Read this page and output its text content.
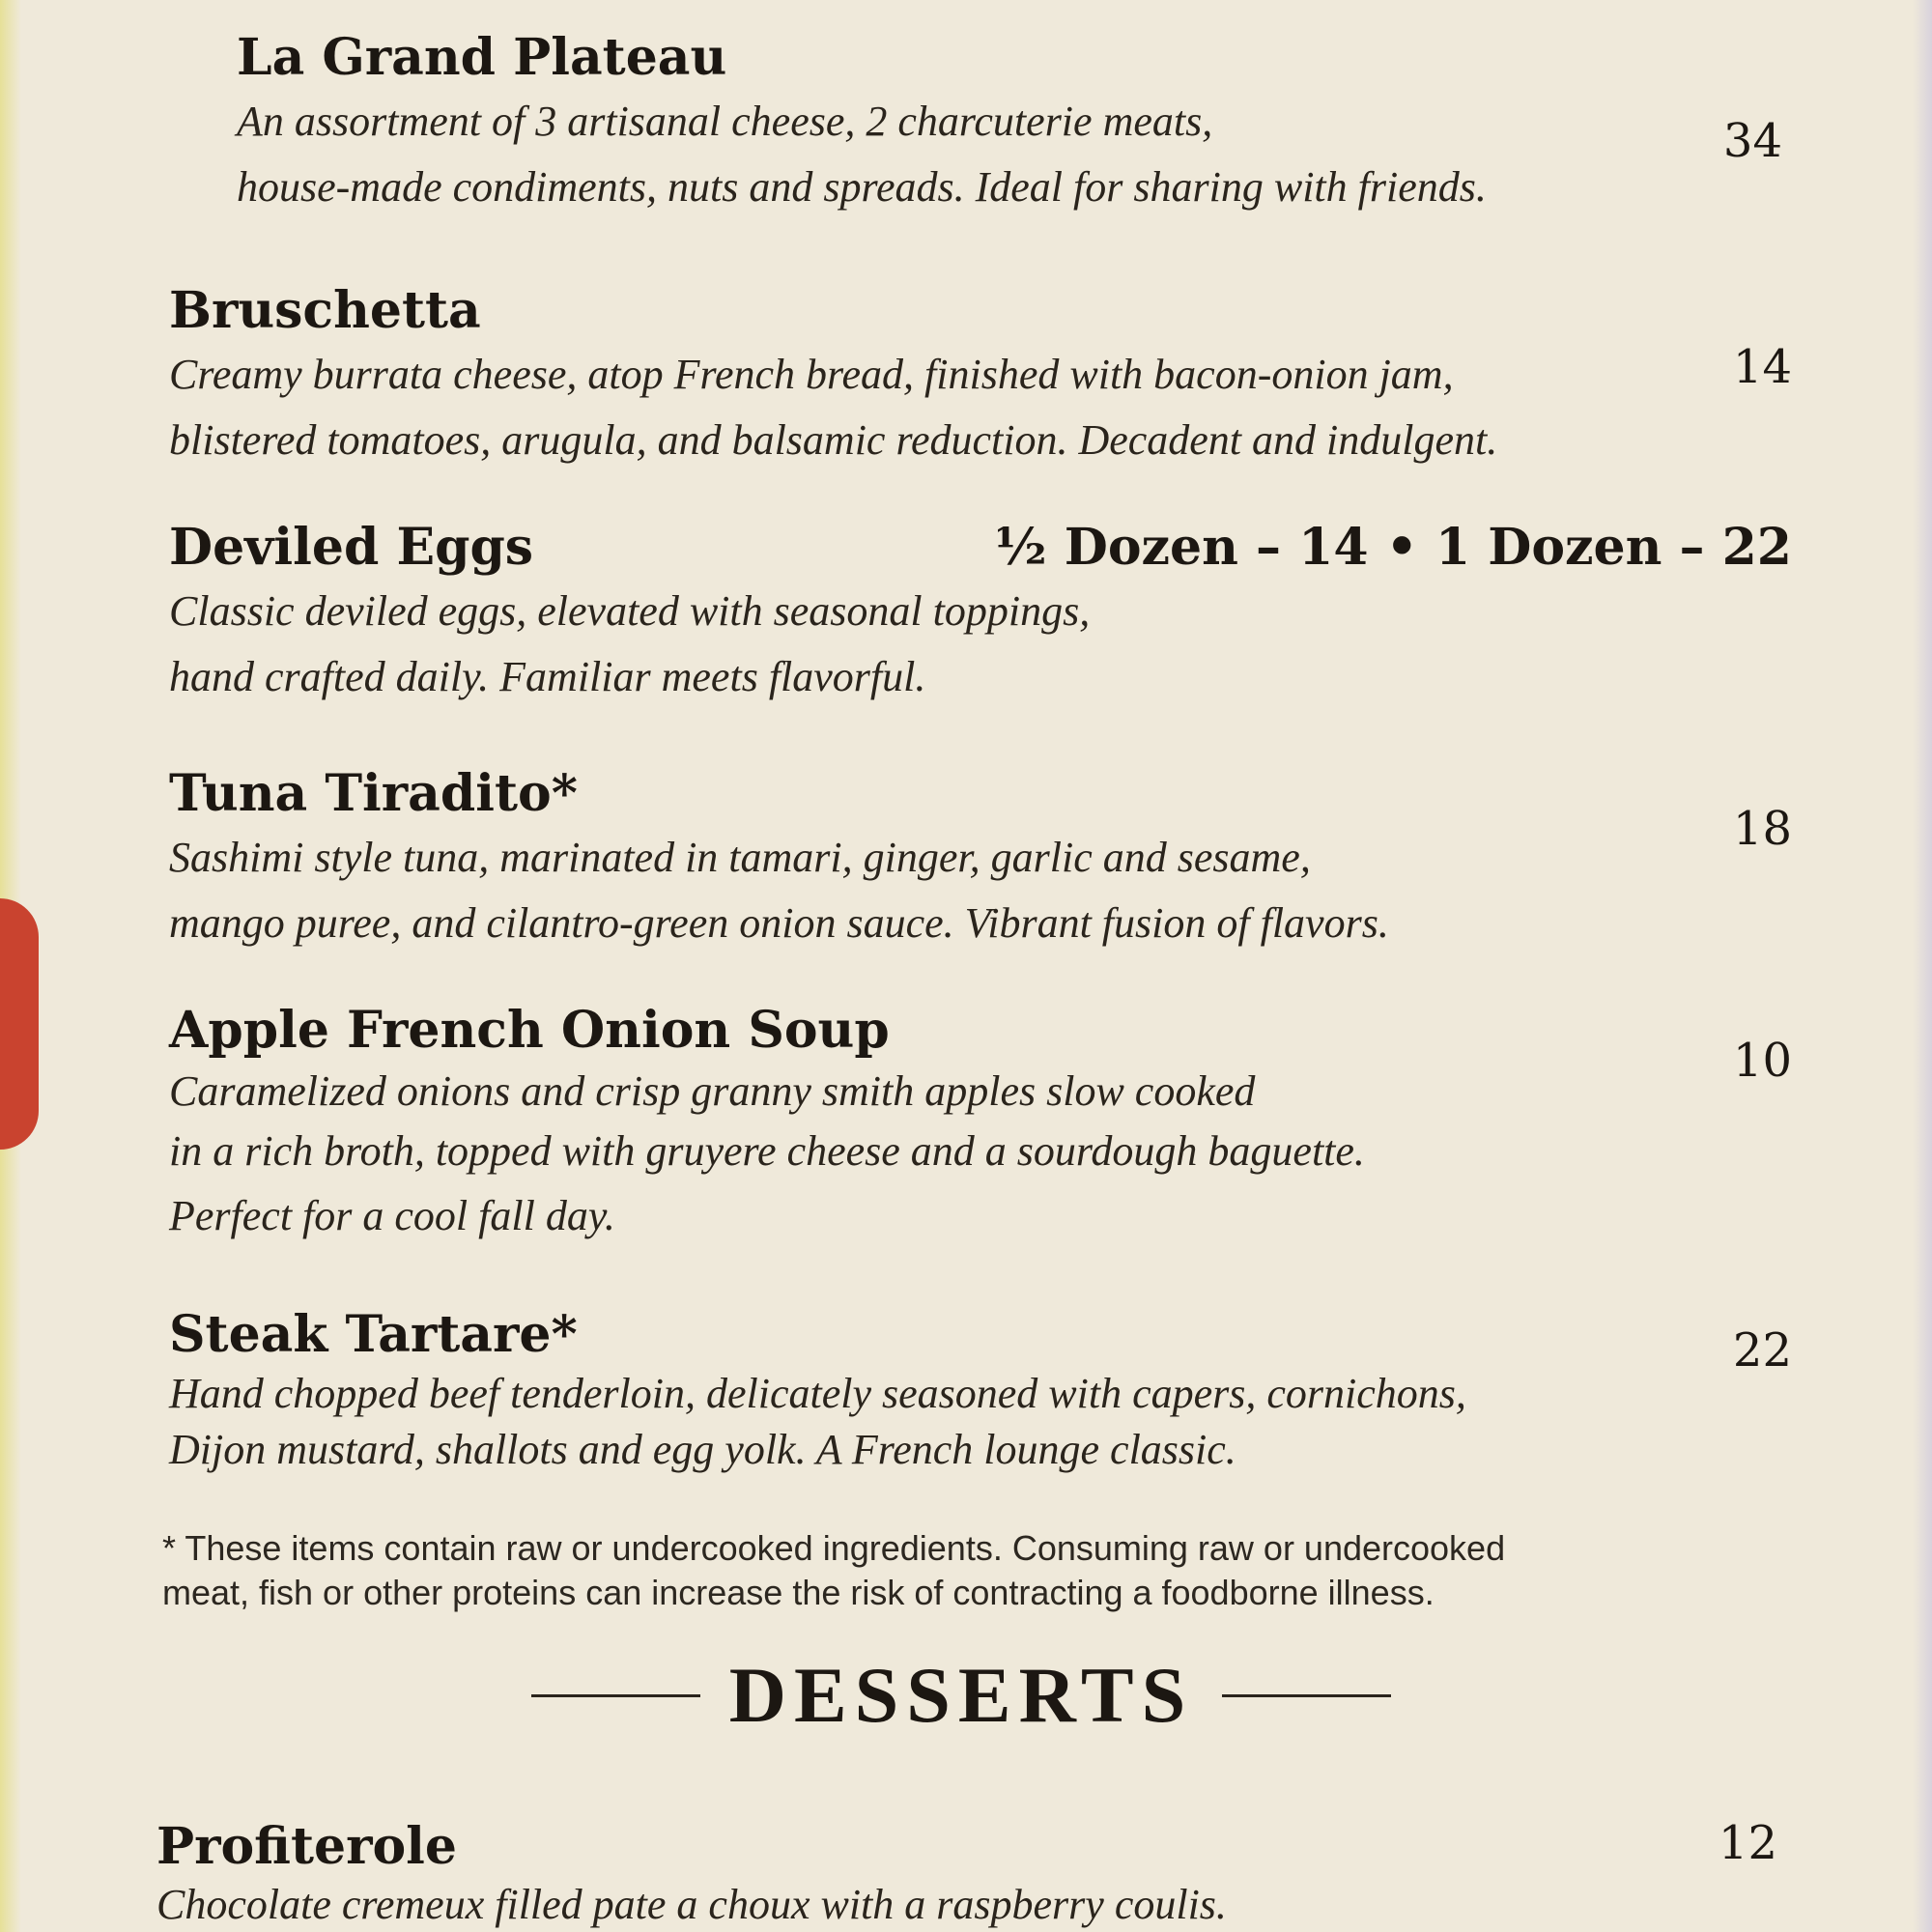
La Grand Plateau
An assortment of 3 artisanal cheese, 2 charcuterie meats,
house-made condiments, nuts and spreads. Ideal for sharing with friends.
34
Bruschetta
Creamy burrata cheese, atop French bread, finished with bacon-onion jam,
blistered tomatoes, arugula, and balsamic reduction. Decadent and indulgent.
14
Deviled Eggs
Classic deviled eggs, elevated with seasonal toppings,
hand crafted daily. Familiar meets flavorful.
½ Dozen – 14 • 1 Dozen – 22
Tuna Tiradito*
Sashimi style tuna, marinated in tamari, ginger, garlic and sesame,
mango puree, and cilantro-green onion sauce. Vibrant fusion of flavors.
18
Apple French Onion Soup
Caramelized onions and crisp granny smith apples slow cooked
in a rich broth, topped with gruyere cheese and a sourdough baguette.
Perfect for a cool fall day.
10
Steak Tartare*
Hand chopped beef tenderloin, delicately seasoned with capers, cornichons,
Dijon mustard, shallots and egg yolk. A French lounge classic.
22
* These items contain raw or undercooked ingredients. Consuming raw or undercooked
meat, fish or other proteins can increase the risk of contracting a foodborne illness.
DESSERTS
Profiterole
Chocolate cremeux filled pate a choux with a raspberry coulis.
12
